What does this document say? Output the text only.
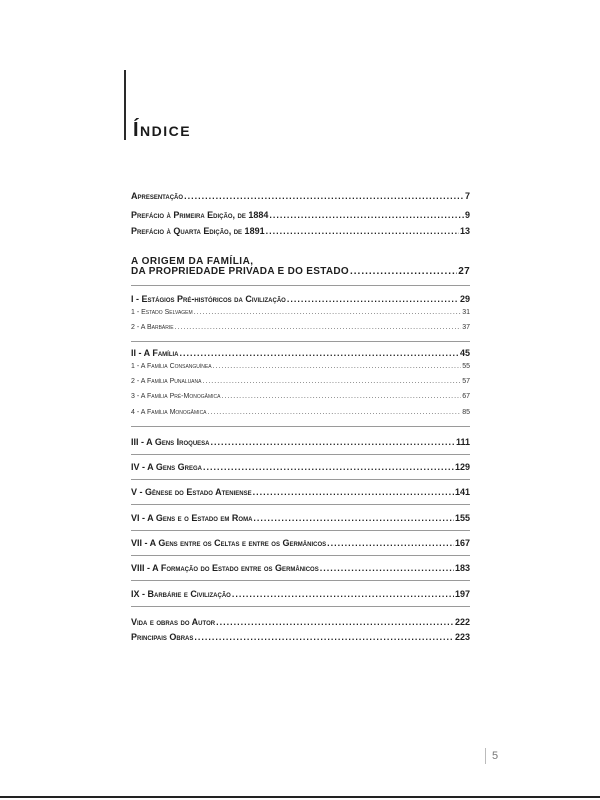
Índice
Apresentação .....	7
Prefácio à Primeira Edição, de 1884 .....	9
Prefácio à Quarta Edição, de 1891 .....	13
A ORIGEM DA FAMÍLIA,
DA PROPRIEDADE PRIVADA E DO ESTADO .....	27
I - Estágios Pré-históricos da Civilização .....	29
1 - Estado Selvagem .....	31
2 - A Barbárie .....	37
II - A Família .....	45
1 - A Família Consanguínea .....	55
2 - A Família Punaluana .....	57
3 - A Família Pré-Monogâmica .....	67
4 - A Família Monogâmica .....	85
III - A Gens Iroquesa .....	111
IV - A Gens Grega .....	129
V - Gênese do Estado Ateniense .....	141
VI - A Gens e o Estado em Roma .....	155
VII - A Gens entre os Celtas e entre os Germânicos .....	167
VIII - A Formação do Estado entre os Germânicos .....	183
IX - Barbárie e Civilização .....	197
Vida e obras do Autor .....	222
Principais Obras .....	223
5
